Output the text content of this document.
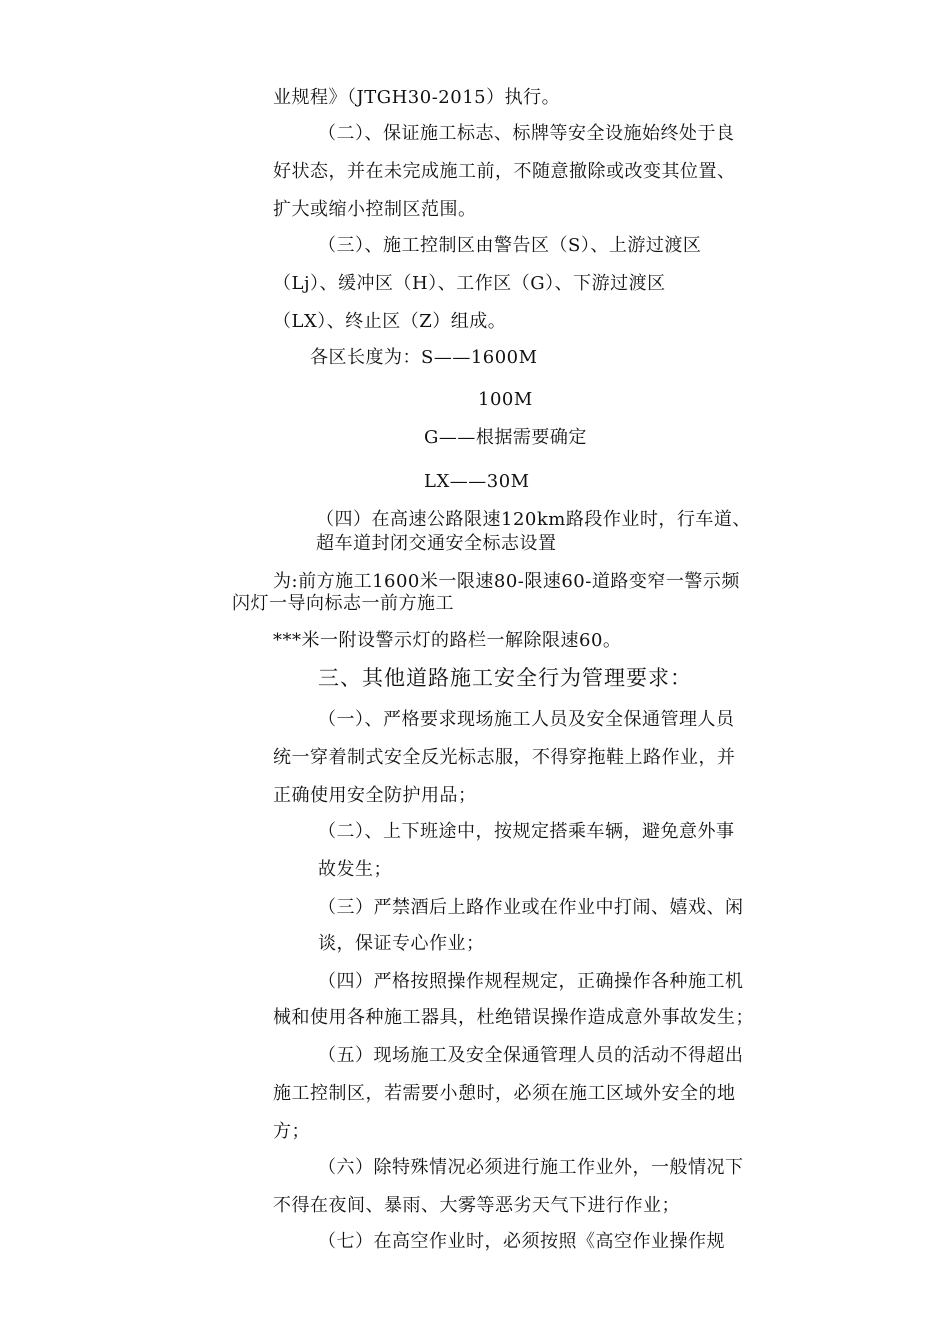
业规程》（JTGH30-2015）执行。
（二）、保证施工标志、标牌等安全设施始终处于良
好状态，并在未完成施工前，不随意撤除或改变其位置、
扩大或缩小控制区范围。
（三）、施工控制区由警告区（S）、上游过渡区
（Lj）、缓冲区（H）、工作区（G）、下游过渡区
（LX）、终止区（Z）组成。
各区长度为：S——1600M
100M
G——根据需要确定
LX——30M
（四）在高速公路限速120km路段作业时，行车道、
超车道封闭交通安全标志设置
为:前方施工1600米一限速80-限速60-道路变窄一警示频
闪灯一导向标志一前方施工
***米一附设警示灯的路栏一解除限速60。
三、其他道路施工安全行为管理要求：
（一）、严格要求现场施工人员及安全保通管理人员
统一穿着制式安全反光标志服，不得穿拖鞋上路作业，并
正确使用安全防护用品；
（二）、上下班途中，按规定搭乘车辆，避免意外事
故发生；
（三）严禁酒后上路作业或在作业中打闹、嬉戏、闲
谈，保证专心作业；
（四）严格按照操作规程规定，正确操作各种施工机
械和使用各种施工器具，杜绝错误操作造成意外事故发生；
（五）现场施工及安全保通管理人员的活动不得超出
施工控制区，若需要小憩时，必须在施工区域外安全的地
方；
（六）除特殊情况必须进行施工作业外，一般情况下
不得在夜间、暴雨、大雾等恶劣天气下进行作业；
（七）在高空作业时，必须按照《高空作业操作规
